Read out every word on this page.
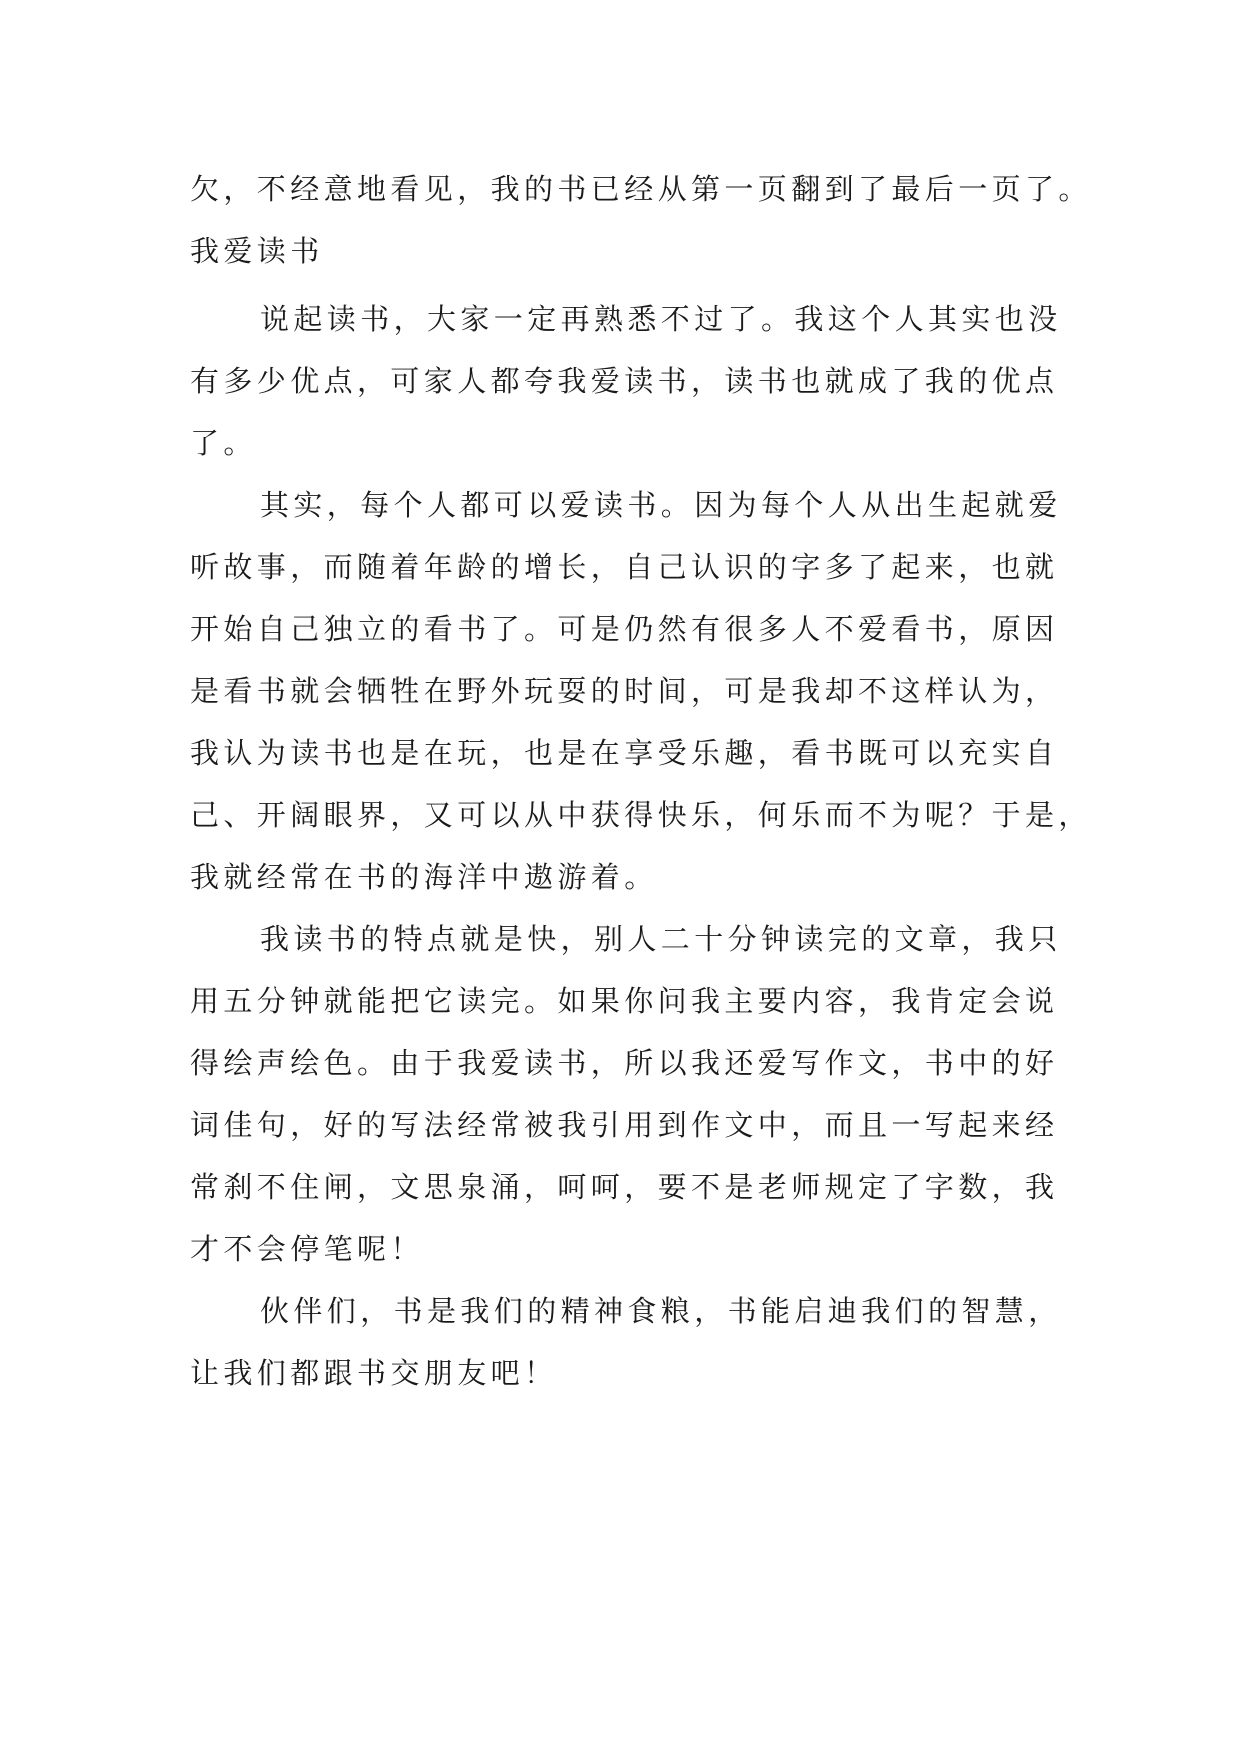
欠，不经意地看见，我的书已经从第一页翻到了最后一页了。
我爱读书
说起读书，大家一定再熟悉不过了。我这个人其实也没
有多少优点，可家人都夸我爱读书，读书也就成了我的优点
了。
其实，每个人都可以爱读书。因为每个人从出生起就爱
听故事，而随着年龄的增长，自己认识的字多了起来，也就
开始自己独立的看书了。可是仍然有很多人不爱看书，原因
是看书就会牺牲在野外玩耍的时间，可是我却不这样认为，
我认为读书也是在玩，也是在享受乐趣，看书既可以充实自
己、开阔眼界，又可以从中获得快乐，何乐而不为呢？于是，
我就经常在书的海洋中遨游着。
我读书的特点就是快，别人二十分钟读完的文章，我只
用五分钟就能把它读完。如果你问我主要内容，我肯定会说
得绘声绘色。由于我爱读书，所以我还爱写作文，书中的好
词佳句，好的写法经常被我引用到作文中，而且一写起来经
常刹不住闸，文思泉涌，呵呵，要不是老师规定了字数，我
才不会停笔呢！
伙伴们，书是我们的精神食粮，书能启迪我们的智慧，
让我们都跟书交朋友吧！
